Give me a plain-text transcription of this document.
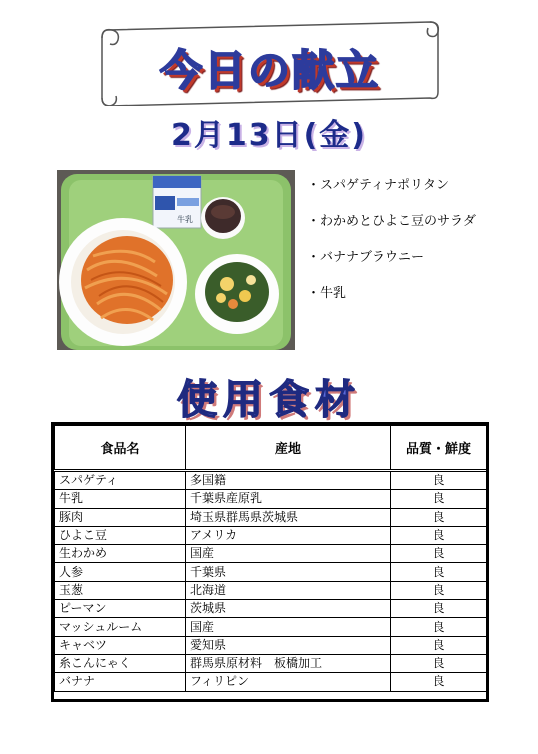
今日の献立
2月13日(金)
牛乳
・スパゲティナポリタン
・わかめとひよこ豆のサラダ
・バナナブラウニー
・牛乳
使用食材
食品名	産地	品質・鮮度
スパゲティ	多国籍	良
牛乳	千葉県産原乳	良
豚肉	埼玉県群馬県茨城県	良
ひよこ豆	アメリカ	良
生わかめ	国産	良
人参	千葉県	良
玉葱	北海道	良
ピーマン	茨城県	良
マッシュルーム	国産	良
キャベツ	愛知県	良
糸こんにゃく	群馬県原材料　板橋加工	良
バナナ	フィリピン	良
